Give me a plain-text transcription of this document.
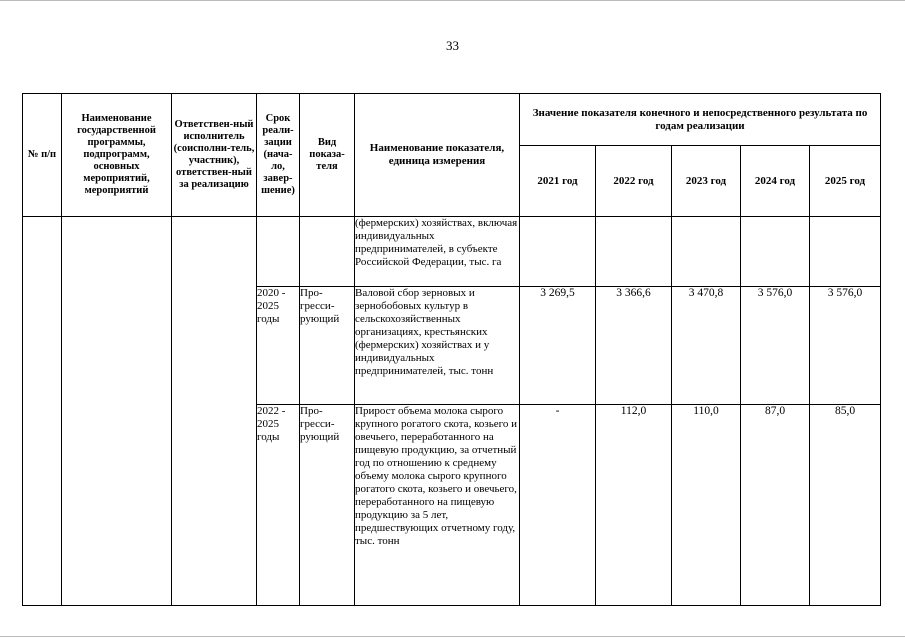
33
№ п/п	Наименование государственной программы, подпрограмм, основных мероприятий, мероприятий	Ответствен-ный исполнитель (соисполни-тель, участник), ответствен-ный за реализацию	Срок реали-зации (нача-ло, завер-шение)	Вид показа-теля	Наименование показателя, единица измерения	Значение показателя конечного и непосредственного результата по годам реализации				
						2021 год	2022 год	2023 год	2024 год	2025 год
					(фермерских) хозяйствах, включая индивидуальных предпринимателей, в субъекте Российской Федерации, тыс. га					
			2020 - 2025 годы	Про-гресси-рующий	Валовой сбор зерновых и зернобобовых культур в сельскохозяйственных организациях, крестьянских (фермерских) хозяйствах и у индивидуальных предпринимателей, тыс. тонн	3 269,5	3 366,6	3 470,8	3 576,0	3 576,0
			2022 - 2025 годы	Про-гресси-рующий	Прирост объема молока сырого крупного рогатого скота, козьего и овечьего, переработанного на пищевую продукцию, за отчетный год по отношению к среднему объему молока сырого крупного рогатого скота, козьего и овечьего, переработанного на пищевую продукцию за 5 лет, предшествующих отчетному году, тыс. тонн	-	112,0	110,0	87,0	85,0
